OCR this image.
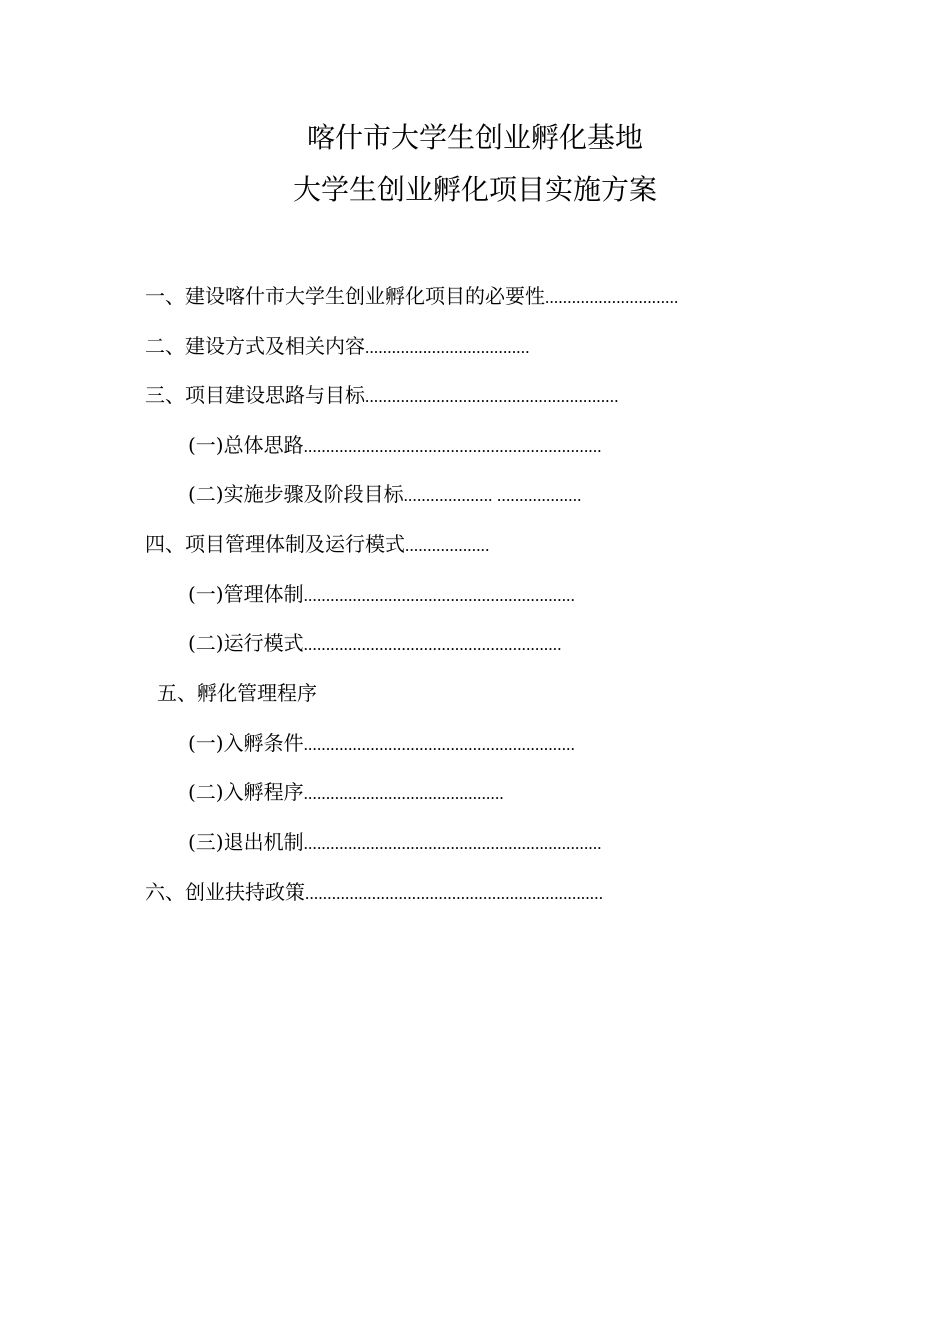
喀什市大学生创业孵化基地
大学生创业孵化项目实施方案
一、建设喀什市大学生创业孵化项目的必要性..............................
二、建设方式及相关内容.....................................
三、项目建设思路与目标.........................................................
(一)总体思路...................................................................
(二)实施步骤及阶段目标.................... ...................
四、项目管理体制及运行模式...................
(一)管理体制.............................................................
(二)运行模式..........................................................
五、孵化管理程序
(一)入孵条件.............................................................
(二)入孵程序.............................................
(三)退出机制...................................................................
六、创业扶持政策...................................................................
